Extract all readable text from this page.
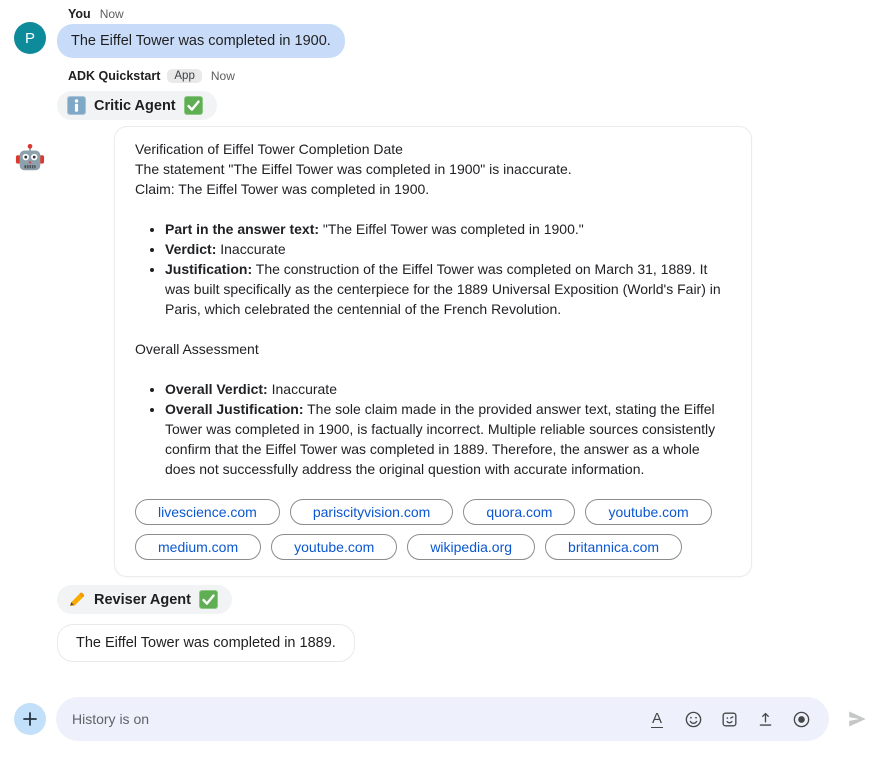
P
You Now
The Eiffel Tower was completed in 1900.
ADK Quickstart	App	Now
Critic Agent

Verification of Eiffel Tower Completion Date

The statement "The Eiffel Tower was completed in 1900" is inaccurate.

Claim: The Eiffel Tower was completed in 1900.

• Part in the answer text: "The Eiffel Tower was completed in 1900."
• Verdict: Inaccurate
• Justification: The construction of the Eiffel Tower was completed on March 31, 1889. It was built specifically as the centerpiece for the 1889 Universal Exposition (World's Fair) in Paris, which celebrated the centennial of the French Revolution.

Overall Assessment

• Overall Verdict: Inaccurate
• Overall Justification: The sole claim made in the provided answer text, stating the Eiffel Tower was completed in 1900, is factually incorrect. Multiple reliable sources consistently confirm that the Eiffel Tower was completed in 1889. Therefore, the answer as a whole does not successfully address the original question with accurate information.
livescience.com	pariscityvision.com	quora.com	youtube.com
medium.com	youtube.com	wikipedia.org	britannica.com
Reviser Agent
The Eiffel Tower was completed in 1889.
History is on
A
